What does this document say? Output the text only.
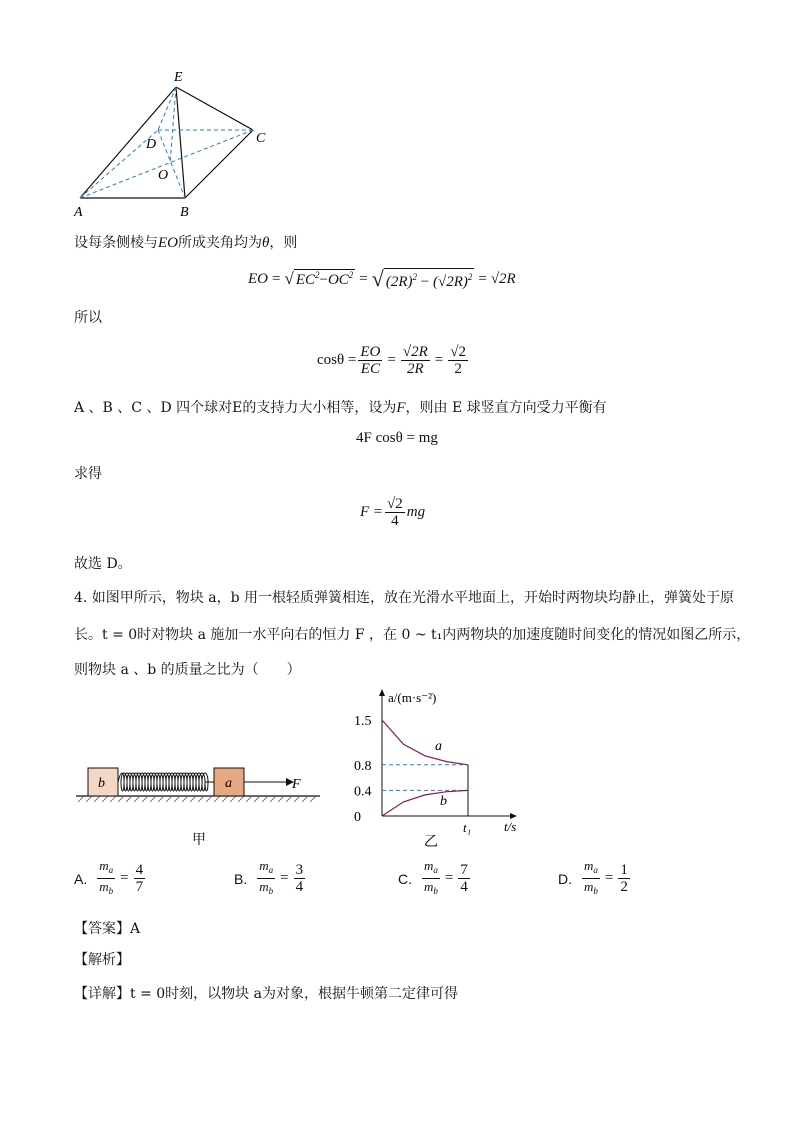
E
C
D
O
A	B
设每条侧棱与EO所成夹角均为θ，则
EO = √ $EC^2-OC^2$ = √ $(2R)^2 - (√2R)^2 = √2R$
所以
$\cos\theta = \frac{EO}{EC} = \frac{√2R}{2R} = \frac{√2}{2}$
A 、B 、C 、D 四个球对E的支持力大小相等，设为F，则由 E 球竖直方向受力平衡有
4F cosθ = mg
求得
$F = \frac{√2}{4}$ mg
故选 D。
4. 如图甲所示，物块 a，b 用一根轻质弹簧相连，放在光滑水平地面上，开始时两物块均静止，弹簧处于原
长。t = 0时对物块 a 施加一水平向右的恒力 F ，在 0 ~ t₁内两物块的加速度随时间变化的情况如图乙所示，
则物块 a 、b 的质量之比为（　　）
b	a	F
甲
a/(m·s⁻²)
t/s
1.5
0.8
0.4
0
t₁
a
b
乙
A. $\frac{m_a}{m_b} = \frac{4}{7}$	B. $\frac{m_a}{m_b} = \frac{3}{4}$	C. $\frac{m_a}{m_b} = \frac{7}{4}$	D. $\frac{m_a}{m_b} = \frac{1}{2}$
【答案】A
【解析】
【详解】t = 0时刻，以物块 a为对象，根据牛顿第二定律可得
